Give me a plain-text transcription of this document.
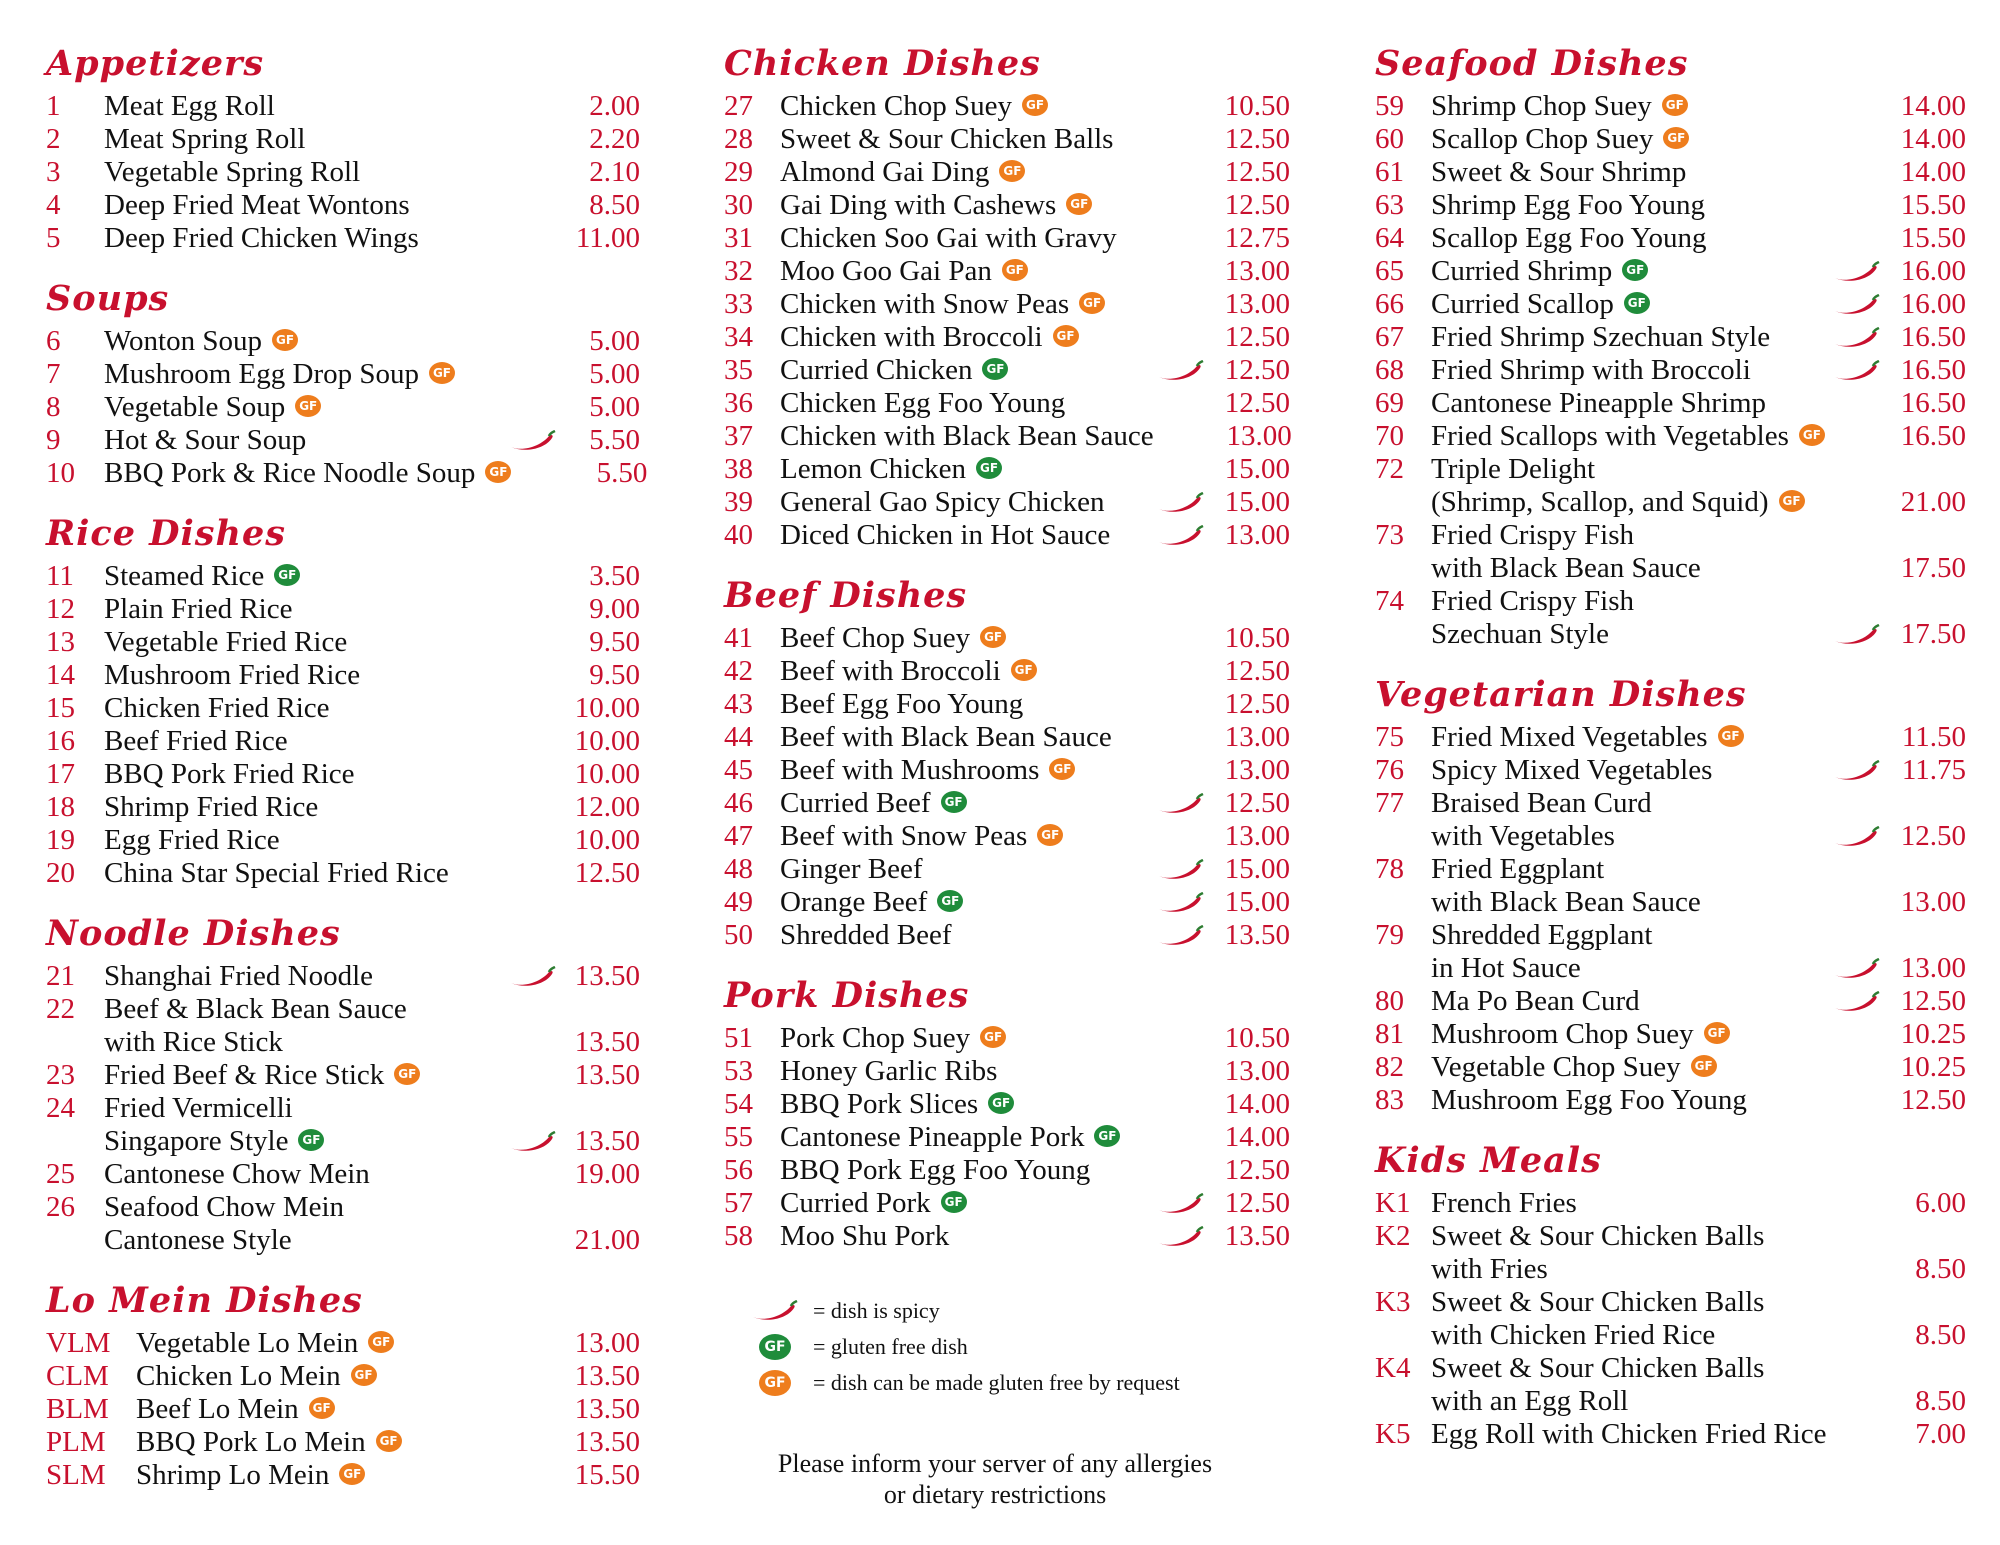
Appetizers
1	Meat Egg Roll	2.00
2	Meat Spring Roll	2.20
3	Vegetable Spring Roll	2.10
4	Deep Fried Meat Wontons	8.50
5	Deep Fried Chicken Wings	11.00
Soups
6	Wonton Soup GF	5.00
7	Mushroom Egg Drop Soup GF	5.00
8	Vegetable Soup GF	5.00
9	Hot & Sour Soup	5.50
10	BBQ Pork & Rice Noodle Soup GF	5.50
Rice Dishes
11	Steamed Rice GF	3.50
12	Plain Fried Rice	9.00
13	Vegetable Fried Rice	9.50
14	Mushroom Fried Rice	9.50
15	Chicken Fried Rice	10.00
16	Beef Fried Rice	10.00
17	BBQ Pork Fried Rice	10.00
18	Shrimp Fried Rice	12.00
19	Egg Fried Rice	10.00
20	China Star Special Fried Rice	12.50
Noodle Dishes
21	Shanghai Fried Noodle	13.50
22	Beef & Black Bean Sauce
with Rice Stick	13.50
23	Fried Beef & Rice Stick GF	13.50
24	Fried Vermicelli
Singapore Style GF	13.50
25	Cantonese Chow Mein	19.00
26	Seafood Chow Mein
Cantonese Style	21.00
Lo Mein Dishes
VLM Vegetable Lo Mein GF	13.00
CLM Chicken Lo Mein GF	13.50
BLM Beef Lo Mein GF	13.50
PLM	BBQ Pork Lo Mein GF	13.50
SLM	Shrimp Lo Mein GF	15.50
Chicken Dishes
27 Chicken Chop Suey GF	10.50
28 Sweet & Sour Chicken Balls	12.50
29 Almond Gai Ding GF	12.50
30 Gai Ding with Cashews GF	12.50
31 Chicken Soo Gai with Gravy	12.75
32 Moo Goo Gai Pan GF	13.00
33 Chicken with Snow Peas GF	13.00
34 Chicken with Broccoli GF	12.50
35 Curried Chicken GF	12.50
36 Chicken Egg Foo Young	12.50
37 Chicken with Black Bean Sauce	13.00
38 Lemon Chicken GF	15.00
39 General Gao Spicy Chicken	15.00
40 Diced Chicken in Hot Sauce	13.00
Beef Dishes
41 Beef Chop Suey GF	10.50
42 Beef with Broccoli GF	12.50
43 Beef Egg Foo Young	12.50
44 Beef with Black Bean Sauce	13.00
45 Beef with Mushrooms GF	13.00
46 Curried Beef GF	12.50
47 Beef with Snow Peas GF	13.00
48 Ginger Beef	15.00
49 Orange Beef GF	15.00
50 Shredded Beef	13.50
Pork Dishes
51 Pork Chop Suey GF	10.50
53 Honey Garlic Ribs	13.00
54 BBQ Pork Slices GF	14.00
55 Cantonese Pineapple Pork GF	14.00
56 BBQ Pork Egg Foo Young	12.50
57 Curried Pork GF	12.50
58 Moo Shu Pork	13.50
Seafood Dishes
59 Shrimp Chop Suey GF	14.00
60 Scallop Chop Suey GF	14.00
61 Sweet & Sour Shrimp	14.00
63 Shrimp Egg Foo Young	15.50
64 Scallop Egg Foo Young	15.50
65 Curried Shrimp GF	16.00
66 Curried Scallop GF	16.00
67 Fried Shrimp Szechuan Style	16.50
68 Fried Shrimp with Broccoli	16.50
69 Cantonese Pineapple Shrimp	16.50
70 Fried Scallops with Vegetables GF	16.50
72 Triple Delight
(Shrimp, Scallop, and Squid) GF	21.00
73 Fried Crispy Fish
with Black Bean Sauce	17.50
74 Fried Crispy Fish
Szechuan Style	17.50
Vegetarian Dishes
75 Fried Mixed Vegetables GF	11.50
76 Spicy Mixed Vegetables	11.75
77 Braised Bean Curd
with Vegetables	12.50
78 Fried Eggplant
with Black Bean Sauce	13.00
79 Shredded Eggplant
in Hot Sauce	13.00
80 Ma Po Bean Curd	12.50
81 Mushroom Chop Suey GF	10.25
82 Vegetable Chop Suey GF	10.25
83 Mushroom Egg Foo Young	12.50
Kids Meals
K1 French Fries	6.00
K2 Sweet & Sour Chicken Balls
with Fries	8.50
K3 Sweet & Sour Chicken Balls
with Chicken Fried Rice	8.50
K4 Sweet & Sour Chicken Balls
with an Egg Roll	8.50
K5 Egg Roll with Chicken Fried Rice	7.00
= dish is spicy
GF = gluten free dish
GF = dish can be made gluten free by request
Please inform your server of any allergies
or dietary restrictions
